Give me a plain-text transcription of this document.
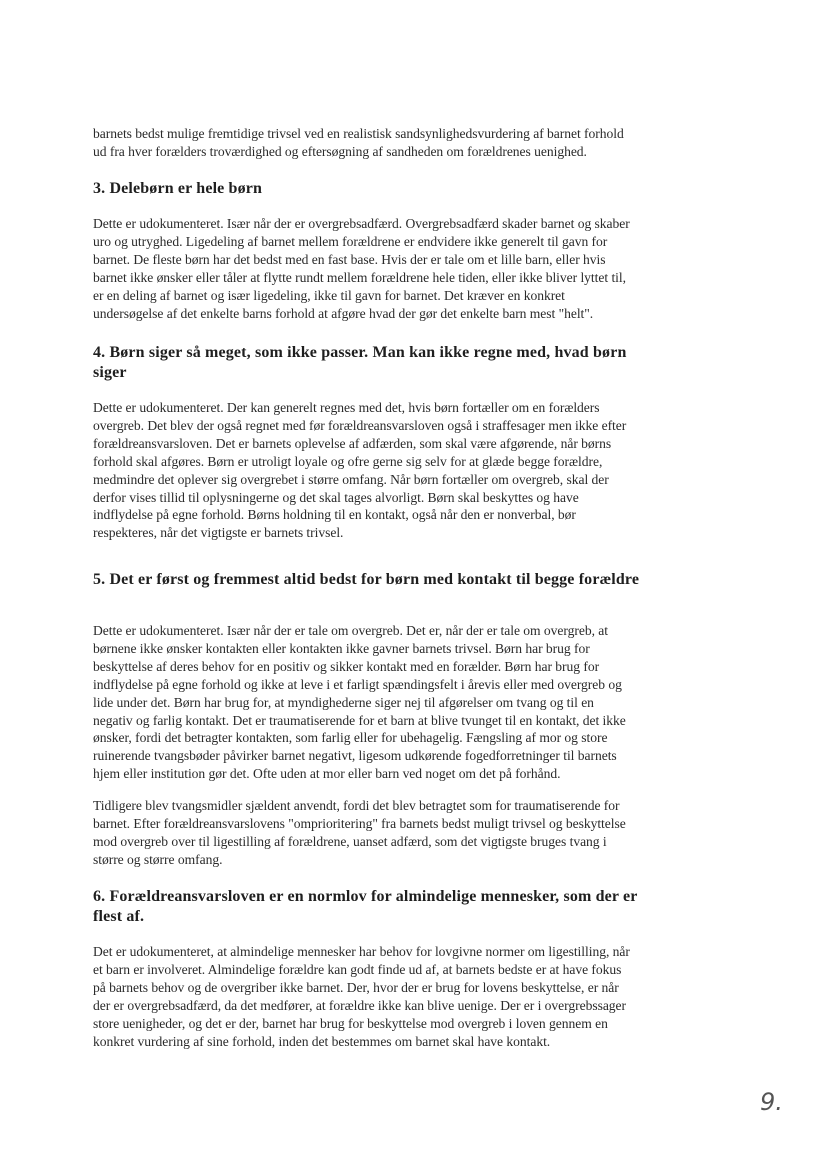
barnets bedst mulige fremtidige trivsel ved en realistisk sandsynlighedsvurdering af barnet forhold
ud fra hver forælders troværdighed og eftersøgning af sandheden om forældrenes uenighed.
3. Delebørn er hele børn
Dette er udokumenteret. Især når der er overgrebsadfærd. Overgrebsadfærd skader barnet og skaber
uro og utryghed. Ligedeling af barnet mellem forældrene er endvidere ikke generelt til gavn for
barnet. De fleste børn har det bedst med en fast base. Hvis der er tale om et lille barn, eller hvis
barnet ikke ønsker eller tåler at flytte rundt mellem forældrene hele tiden, eller ikke bliver lyttet til,
er en deling af barnet og især ligedeling, ikke til gavn for barnet. Det kræver en konkret
undersøgelse af det enkelte barns forhold at afgøre hvad der gør det enkelte barn mest "helt".
4. Børn siger så meget, som ikke passer. Man kan ikke regne med, hvad børn
siger
Dette er udokumenteret. Der kan generelt regnes med det, hvis børn fortæller om en forælders
overgreb. Det blev der også regnet med før forældreansvarsloven også i straffesager men ikke efter
forældreansvarsloven. Det er barnets oplevelse af adfærden, som skal være afgørende, når børns
forhold skal afgøres. Børn er utroligt loyale og ofre gerne sig selv for at glæde begge forældre,
medmindre det oplever sig overgrebet i større omfang. Når børn fortæller om overgreb, skal der
derfor vises tillid til oplysningerne og det skal tages alvorligt. Børn skal beskyttes og have
indflydelse på egne forhold. Børns holdning til en kontakt, også når den er nonverbal, bør
respekteres, når det vigtigste er barnets trivsel.
5. Det er først og fremmest altid bedst for børn med kontakt til begge forældre
Dette er udokumenteret. Især når der er tale om overgreb. Det er, når der er tale om overgreb, at
børnene ikke ønsker kontakten eller kontakten ikke gavner barnets trivsel. Børn har brug for
beskyttelse af deres behov for en positiv og sikker kontakt med en forælder. Børn har brug for
indflydelse på egne forhold og ikke at leve i et farligt spændingsfelt i årevis eller med overgreb og
lide under det. Børn har brug for, at myndighederne siger nej til afgørelser om tvang og til en
negativ og farlig kontakt. Det er traumatiserende for et barn at blive tvunget til en kontakt, det ikke
ønsker, fordi det betragter kontakten, som farlig eller for ubehagelig. Fængsling af mor og store
ruinerende tvangsbøder påvirker barnet negativt, ligesom udkørende fogedforretninger til barnets
hjem eller institution gør det. Ofte uden at mor eller barn ved noget om det på forhånd.
Tidligere blev tvangsmidler sjældent anvendt, fordi det blev betragtet som for traumatiserende for
barnet. Efter forældreansvarslovens "omprioritering" fra barnets bedst muligt trivsel og beskyttelse
mod overgreb over til ligestilling af forældrene, uanset adfærd, som det vigtigste bruges tvang i
større og større omfang.
6. Forældreansvarsloven er en normlov for almindelige mennesker, som der er
flest af.
Det er udokumenteret, at almindelige mennesker har behov for lovgivne normer om ligestilling, når
et barn er involveret. Almindelige forældre kan godt finde ud af, at barnets bedste er at have fokus
på barnets behov og de overgriber ikke barnet. Der, hvor der er brug for lovens beskyttelse, er når
der er overgrebsadfærd, da det medfører, at forældre ikke kan blive uenige. Der er i overgrebssager
store uenigheder, og det er der, barnet har brug for beskyttelse mod overgreb i loven gennem en
konkret vurdering af sine forhold, inden det bestemmes om barnet skal have kontakt.
9.
